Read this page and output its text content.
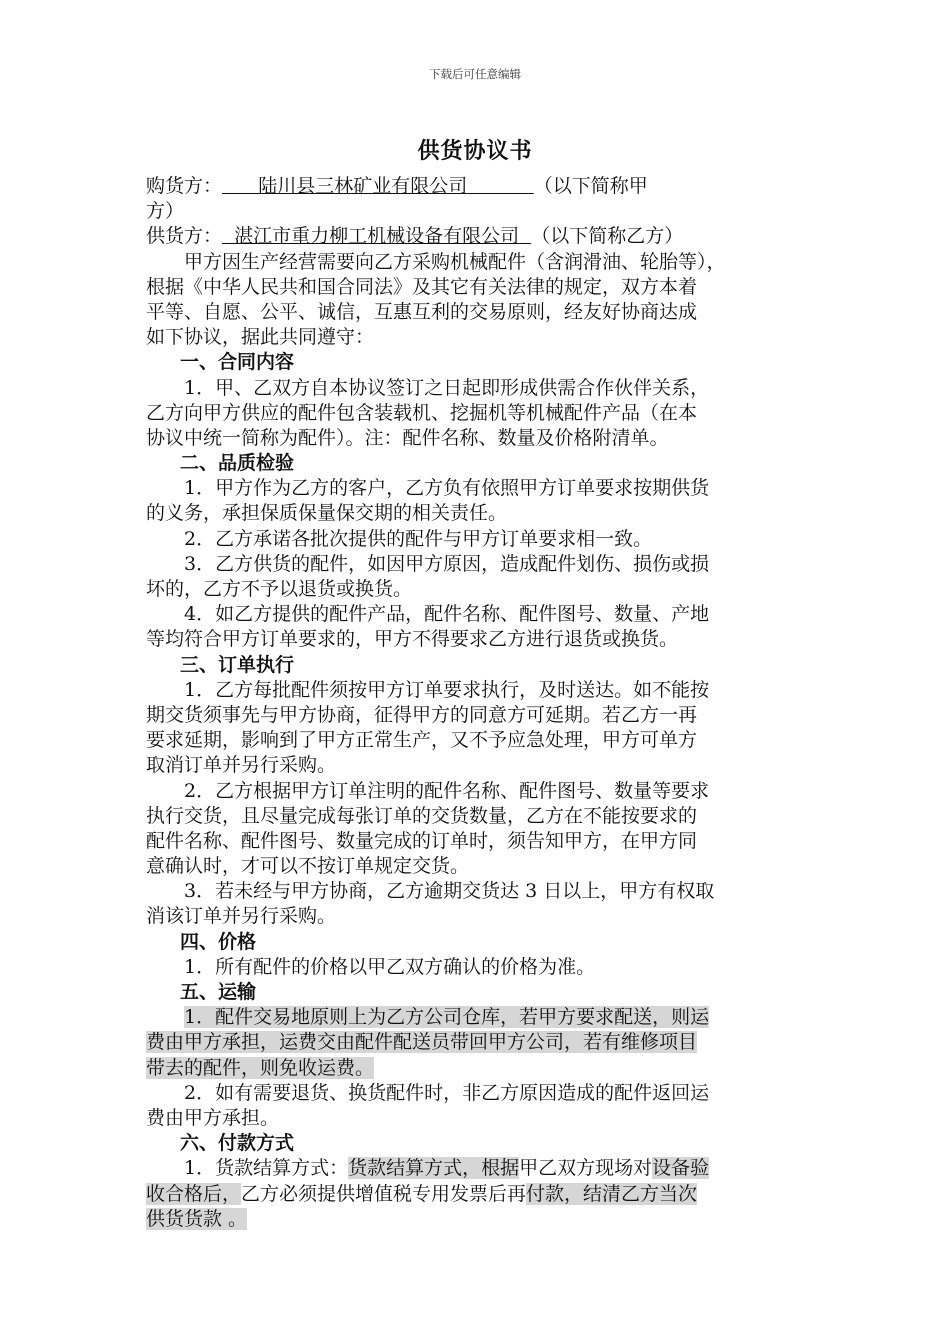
下载后可任意编辑
供货协议书
购货方： 陆川县三林矿业有限公司	（以下简称甲
方）
供货方： 湛江市重力柳工机械设备有限公司 （以下简称乙方）
甲方因生产经营需要向乙方采购机械配件（含润滑油、轮胎等），
根据《中华人民共和国合同法》及其它有关法律的规定，双方本着
平等、自愿、公平、诚信，互惠互利的交易原则，经友好协商达成
如下协议，据此共同遵守：
一、合同内容
1．甲、乙双方自本协议签订之日起即形成供需合作伙伴关系，
乙方向甲方供应的配件包含装载机、挖掘机等机械配件产品（在本
协议中统一简称为配件）。注：配件名称、数量及价格附清单。
二、品质检验
1．甲方作为乙方的客户，乙方负有依照甲方订单要求按期供货
的义务，承担保质保量保交期的相关责任。
2．乙方承诺各批次提供的配件与甲方订单要求相一致。
3．乙方供货的配件，如因甲方原因，造成配件划伤、损伤或损
坏的，乙方不予以退货或换货。
4．如乙方提供的配件产品，配件名称、配件图号、数量、产地
等均符合甲方订单要求的，甲方不得要求乙方进行退货或换货。
三、订单执行
1．乙方每批配件须按甲方订单要求执行，及时送达。如不能按
期交货须事先与甲方协商，征得甲方的同意方可延期。若乙方一再
要求延期，影响到了甲方正常生产，又不予应急处理，甲方可单方
取消订单并另行采购。
2．乙方根据甲方订单注明的配件名称、配件图号、数量等要求
执行交货，且尽量完成每张订单的交货数量，乙方在不能按要求的
配件名称、配件图号、数量完成的订单时，须告知甲方，在甲方同
意确认时，才可以不按订单规定交货。
3．若未经与甲方协商，乙方逾期交货达 3 日以上，甲方有权取
消该订单并另行采购。
四、价格
1．所有配件的价格以甲乙双方确认的价格为准。
五、运输
1．配件交易地原则上为乙方公司仓库，若甲方要求配送，则运
费由甲方承担，运费交由配件配送员带回甲方公司，若有维修项目
带去的配件，则免收运费。
2．如有需要退货、换货配件时，非乙方原因造成的配件返回运
费由甲方承担。
六、付款方式
1．货款结算方式：货款结算方式，根据甲乙双方现场对设备验
收合格后，乙方必须提供增值税专用发票后再付款，结清乙方当次
供货货款 。
